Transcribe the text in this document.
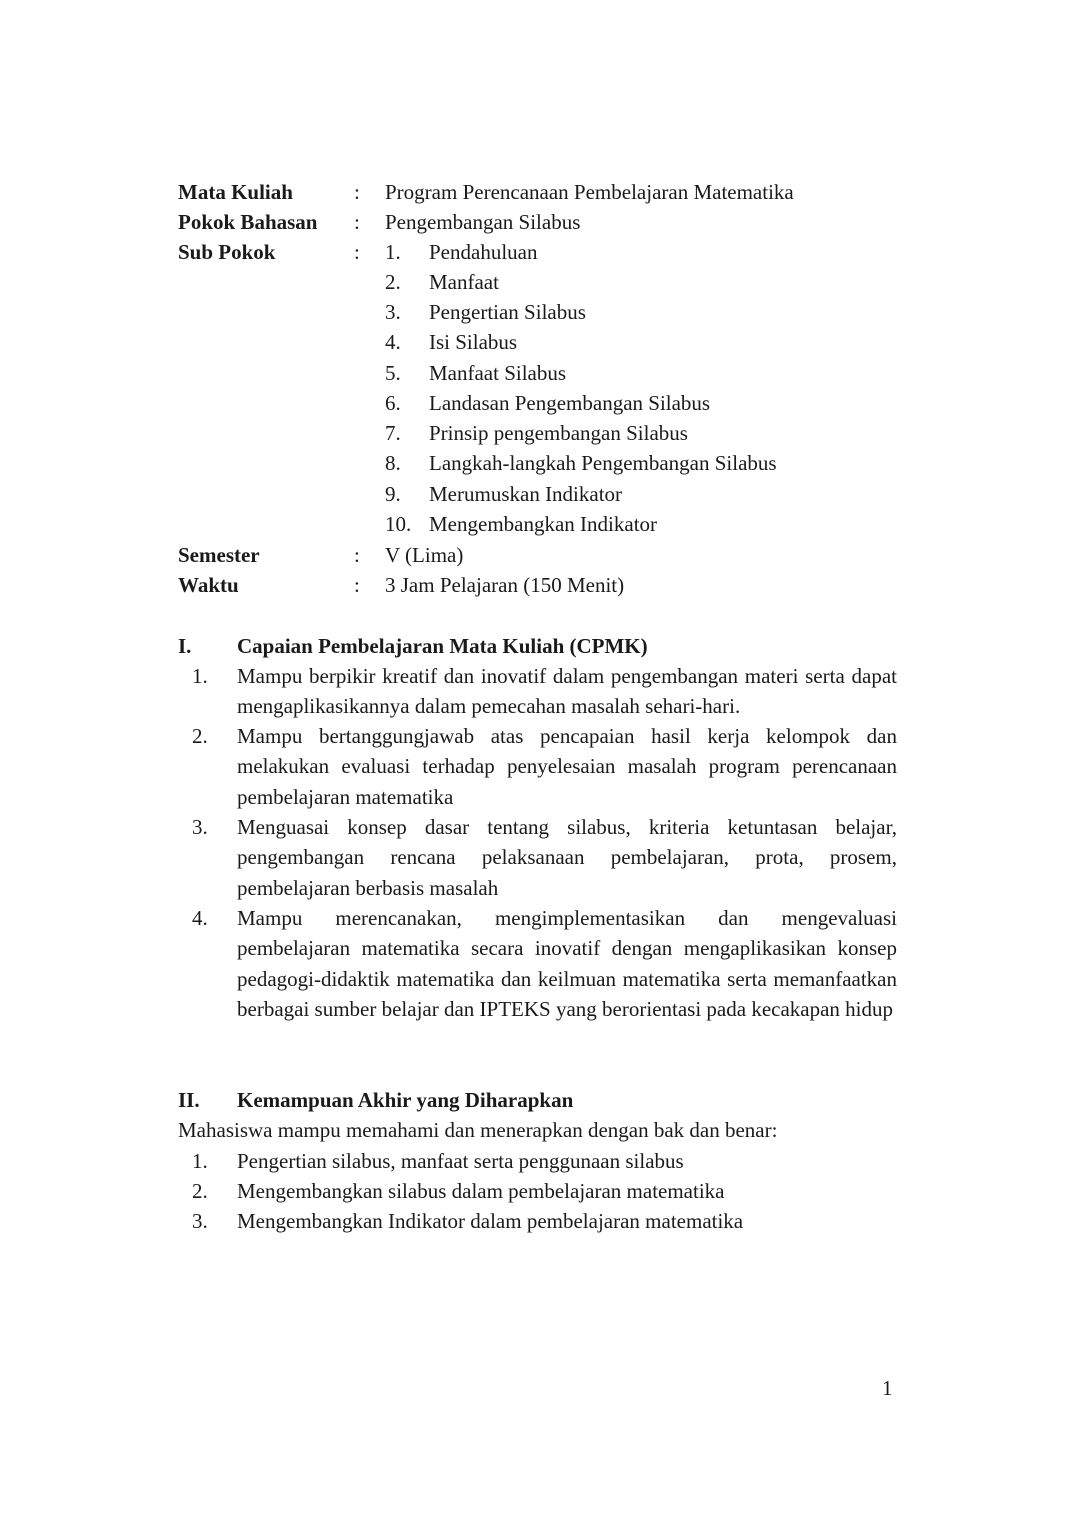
Mata Kuliah	: Program Perencanaan Pembelajaran Matematika
Pokok Bahasan : Pengembangan Silabus
Sub Pokok	: 1. Pendahuluan
2. Manfaat
3. Pengertian Silabus
4. Isi Silabus
5. Manfaat Silabus
6. Landasan Pengembangan Silabus
7. Prinsip pengembangan Silabus
8. Langkah-langkah Pengembangan Silabus
9. Merumuskan Indikator
10. Mengembangkan Indikator
Semester	: V (Lima)
Waktu	: 3 Jam Pelajaran (150 Menit)
I. Capaian Pembelajaran Mata Kuliah (CPMK)
1. Mampu berpikir kreatif dan inovatif dalam pengembangan materi serta dapat mengaplikasikannya dalam pemecahan masalah sehari-hari.
2. Mampu bertanggungjawab atas pencapaian hasil kerja kelompok dan melakukan evaluasi terhadap penyelesaian masalah program perencanaan pembelajaran matematika
3. Menguasai konsep dasar tentang silabus, kriteria ketuntasan belajar, pengembangan rencana pelaksanaan pembelajaran, prota, prosem, pembelajaran berbasis masalah
4. Mampu merencanakan, mengimplementasikan dan mengevaluasi pembelajaran matematika secara inovatif dengan mengaplikasikan konsep pedagogi-didaktik matematika dan keilmuan matematika serta memanfaatkan berbagai sumber belajar dan IPTEKS yang berorientasi pada kecakapan hidup
II. Kemampuan Akhir yang Diharapkan
Mahasiswa mampu memahami dan menerapkan dengan bak dan benar:
1. Pengertian silabus, manfaat serta penggunaan silabus
2. Mengembangkan silabus dalam pembelajaran matematika
3. Mengembangkan Indikator dalam pembelajaran matematika
1
